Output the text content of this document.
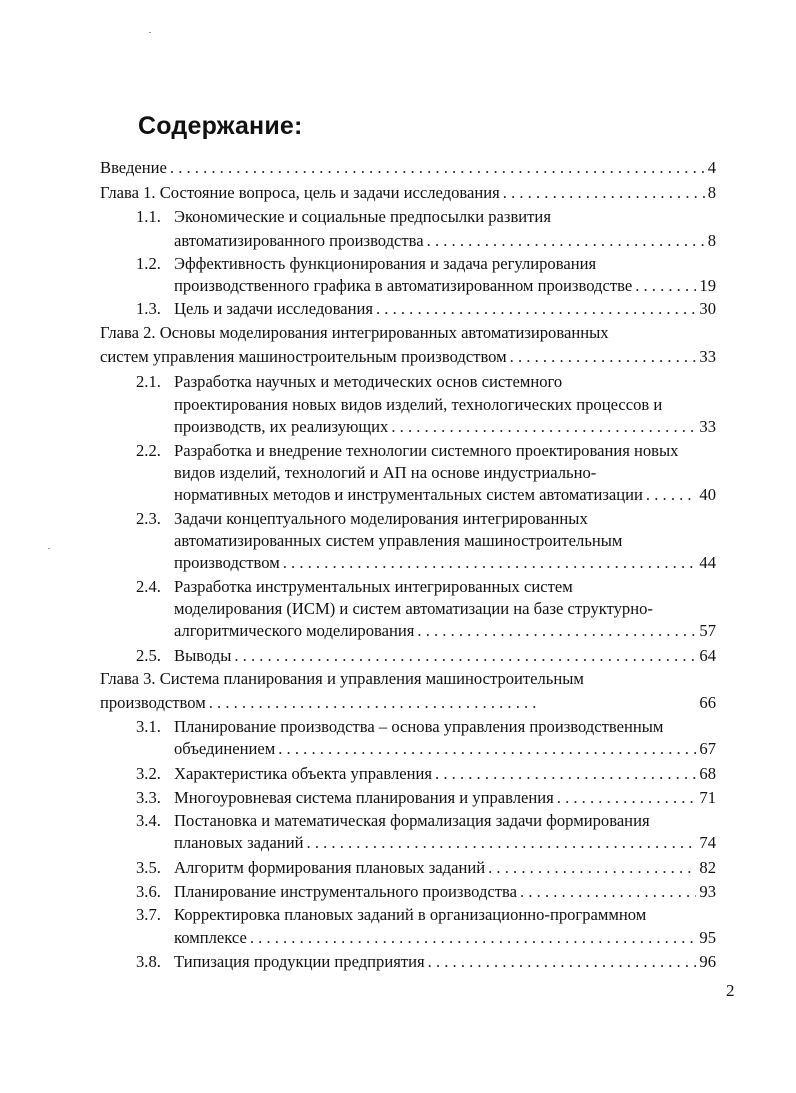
Содержание:
Введение . . .	4
Глава 1. Состояние вопроса, цель и задачи исследования . . .	8
1.1. Экономические и социальные предпосылки развития
автоматизированного производства . . .	8
1.2. Эффективность функционирования и задача регулирования
производственного графика в автоматизированном производстве . . .	19
1.3. Цель и задачи исследования . . .	30
Глава 2. Основы моделирования интегрированных автоматизированных
систем управления машиностроительным производством . . .	33
2.1. Разработка научных и методических основ системного
проектирования новых видов изделий, технологических процессов и
производств, их реализующих . . .	33
2.2. Разработка и внедрение технологии системного проектирования новых
видов изделий, технологий и АП на основе индустриально-
нормативных методов и инструментальных систем автоматизации . . .	40
2.3. Задачи концептуального моделирования интегрированных
автоматизированных систем управления машиностроительным
производством . . .	44
2.4. Разработка инструментальных интегрированных систем
моделирования (ИСМ) и систем автоматизации на базе структурно-
алгоритмического моделирования . . .	57
2.5. Выводы . . .	64
Глава 3. Система планирования и управления машиностроительным
производством . . .	66
3.1. Планирование производства – основа управления производственным
объединением . . .	67
3.2. Характеристика объекта управления . . .	68
3.3. Многоуровневая система планирования и управления . . .	71
3.4. Постановка и математическая формализация задачи формирования
плановых заданий . . .	74
3.5. Алгоритм формирования плановых заданий . . .	82
3.6. Планирование инструментального производства . . .	93
3.7. Корректировка плановых заданий в организационно-программном
комплексе . . .	95
3.8. Типизация продукции предприятия . . .	96
2
